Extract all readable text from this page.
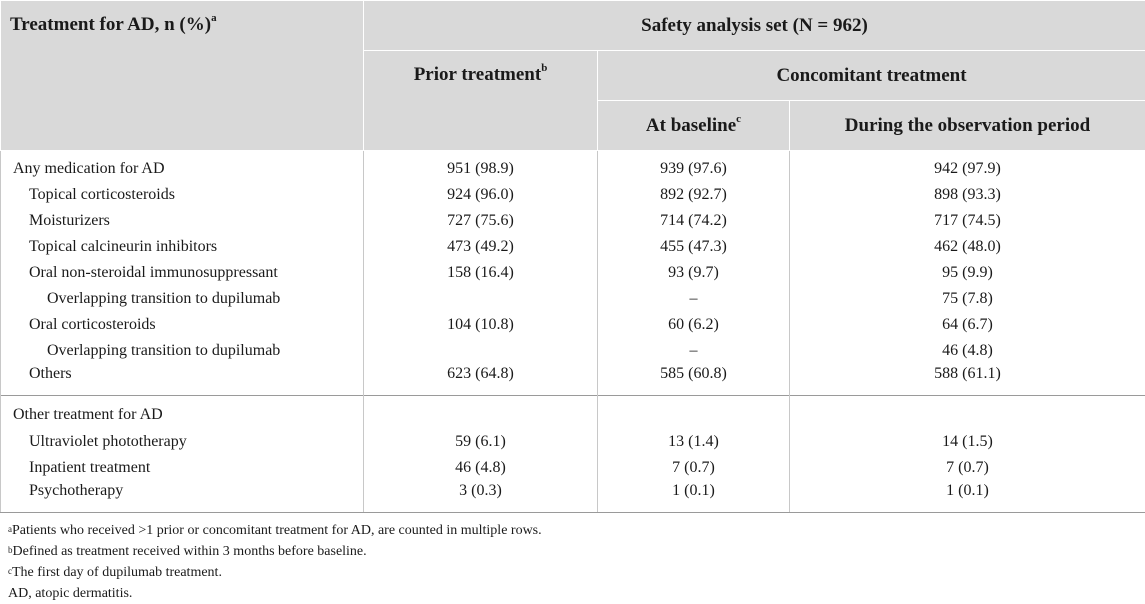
Treatment for AD, n (%)$^a$	Safety analysis set (N = 962)		
	Prior treatment$^b$	Concomitant treatment	
		At baseline$^c$	During the observation period
Any medication for AD	951 (98.9)	939 (97.6)	942 (97.9)
Topical corticosteroids	924 (96.0)	892 (92.7)	898 (93.3)
Moisturizers	727 (75.6)	714 (74.2)	717 (74.5)
Topical calcineurin inhibitors	473 (49.2)	455 (47.3)	462 (48.0)
Oral non-steroidal immunosuppressant	158 (16.4)	93 (9.7)	95 (9.9)
Overlapping transition to dupilumab		–	75 (7.8)
Oral corticosteroids	104 (10.8)	60 (6.2)	64 (6.7)
Overlapping transition to dupilumab		–	46 (4.8)
Others	623 (64.8)	585 (60.8)	588 (61.1)
Other treatment for AD			
Ultraviolet phototherapy	59 (6.1)	13 (1.4)	14 (1.5)
Inpatient treatment	46 (4.8)	7 (0.7)	7 (0.7)
Psychotherapy	3 (0.3)	1 (0.1)	1 (0.1)
$^a$Patients who received >1 prior or concomitant treatment for AD, are counted in multiple rows.
$^b$Defined as treatment received within 3 months before baseline.
$^c$The first day of dupilumab treatment.
AD, atopic dermatitis.
